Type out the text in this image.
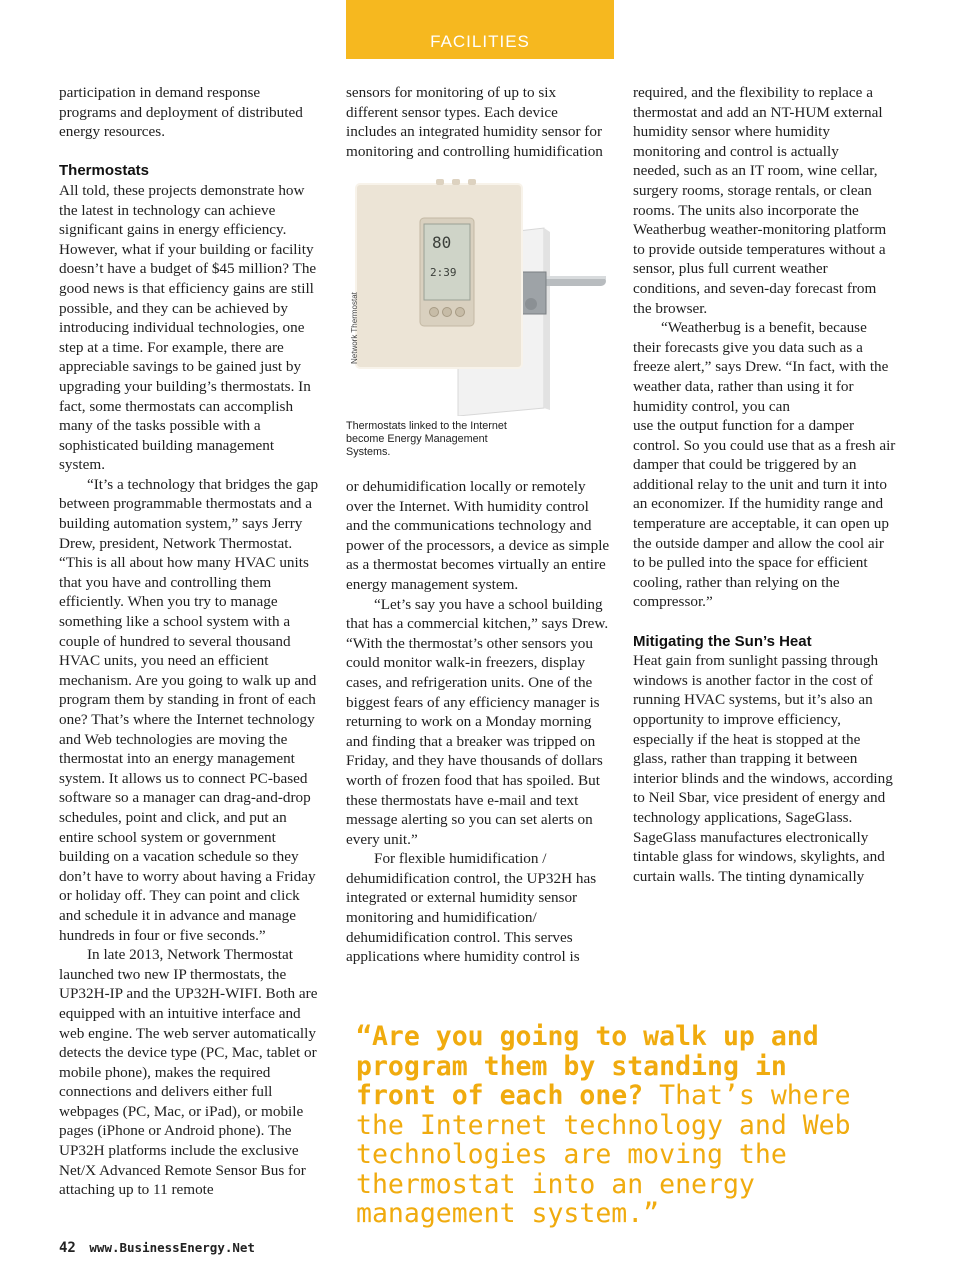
FACILITIES

participation in demand response programs and deployment of distributed energy resources.

Thermostats

All told, these projects demonstrate how the latest in technology can achieve significant gains in energy efficiency. However, what if your building or facility doesn’t have a budget of $45 million? The good news is that efficiency gains are still possible, and they can be achieved by introducing individual technologies, one step at a time. For example, there are appreciable savings to be gained just by upgrading your building’s thermostats. In fact, some thermostats can accomplish many of the tasks possible with a sophisticated building management system.

“It’s a technology that bridges the gap between programmable thermostats and a building automation system,” says Jerry Drew, president, Network Thermostat. “This is all about how many HVAC units that you have and controlling them efficiently. When you try to manage something like a school system with a couple of hundred to several thousand HVAC units, you need an efficient mechanism. Are you going to walk up and program them by standing in front of each one? That’s where the Internet technology and Web technologies are moving the thermostat into an energy management system. It allows us to connect PC-based software so a manager can drag-and-drop schedules, point and click, and put an entire school system or government building on a vacation schedule so they don’t have to worry about having a Friday or holiday off. They can point and click and schedule it in advance and manage hundreds in four or five seconds.”

In late 2013, Network Thermostat launched two new IP thermostats, the UP32H-IP and the UP32H-WIFI. Both are equipped with an intuitive interface and web engine. The web server automatically detects the device type (PC, Mac, tablet or mobile phone), makes the required connections and delivers either full webpages (PC, Mac, or iPad), or mobile pages (iPhone or Android phone). The UP32H platforms include the exclusive Net/X Advanced Remote Sensor Bus for attaching up to 11 remote

sensors for monitoring of up to six different sensor types. Each device includes an integrated humidity sensor for monitoring and controlling humidification

80
2:39
Network Thermostat
Thermostats linked to the Internet become Energy Management Systems.

or dehumidification locally or remotely over the Internet. With humidity control and the communications technology and power of the processors, a device as simple as a thermostat becomes virtually an entire energy management system.

“Let’s say you have a school building that has a commercial kitchen,” says Drew. “With the thermostat’s other sensors you could monitor walk-in freezers, display cases, and refrigeration units. One of the biggest fears of any efficiency manager is returning to work on a Monday morning and finding that a breaker was tripped on Friday, and they have thousands of dollars worth of frozen food that has spoiled. But these thermostats have e-mail and text message alerting so you can set alerts on every unit.”

For flexible humidification / dehumidification control, the UP32H has integrated or external humidity sensor monitoring and humidification/ dehumidification control. This serves applications where humidity control is

required, and the flexibility to replace a thermostat and add an NT-HUM external humidity sensor where humidity monitoring and control is actually

needed, such as an IT room, wine cellar, surgery rooms, storage rentals, or clean rooms. The units also incorporate the Weatherbug weather-monitoring platform to provide outside temperatures without a sensor, plus full current weather conditions, and seven-day forecast from the browser.

“Weatherbug is a benefit, because their forecasts give you data such as a freeze alert,” says Drew. “In fact, with the weather data, rather than using it for humidity control, you can

use the output function for a damper control. So you could use that as a fresh air damper that could be triggered by an additional relay to the unit and turn it into an economizer. If the humidity range and temperature are acceptable, it can open up the outside damper and allow the cool air to be pulled into the space for efficient cooling, rather than relying on the compressor.”

Mitigating the Sun’s Heat

Heat gain from sunlight passing through windows is another factor in the cost of running HVAC systems, but it’s also an opportunity to improve efficiency, especially if the heat is stopped at the glass, rather than trapping it between interior blinds and the windows, according to Neil Sbar, vice president of energy and technology applications, SageGlass. SageGlass manufactures electronically tintable glass for windows, skylights, and curtain walls. The tinting dynamically

“Are you going to walk up and program them by standing in front of each one? That’s where the Internet technology and Web technologies are moving the thermostat into an energy management system.”
42 www.BusinessEnergy.Net
